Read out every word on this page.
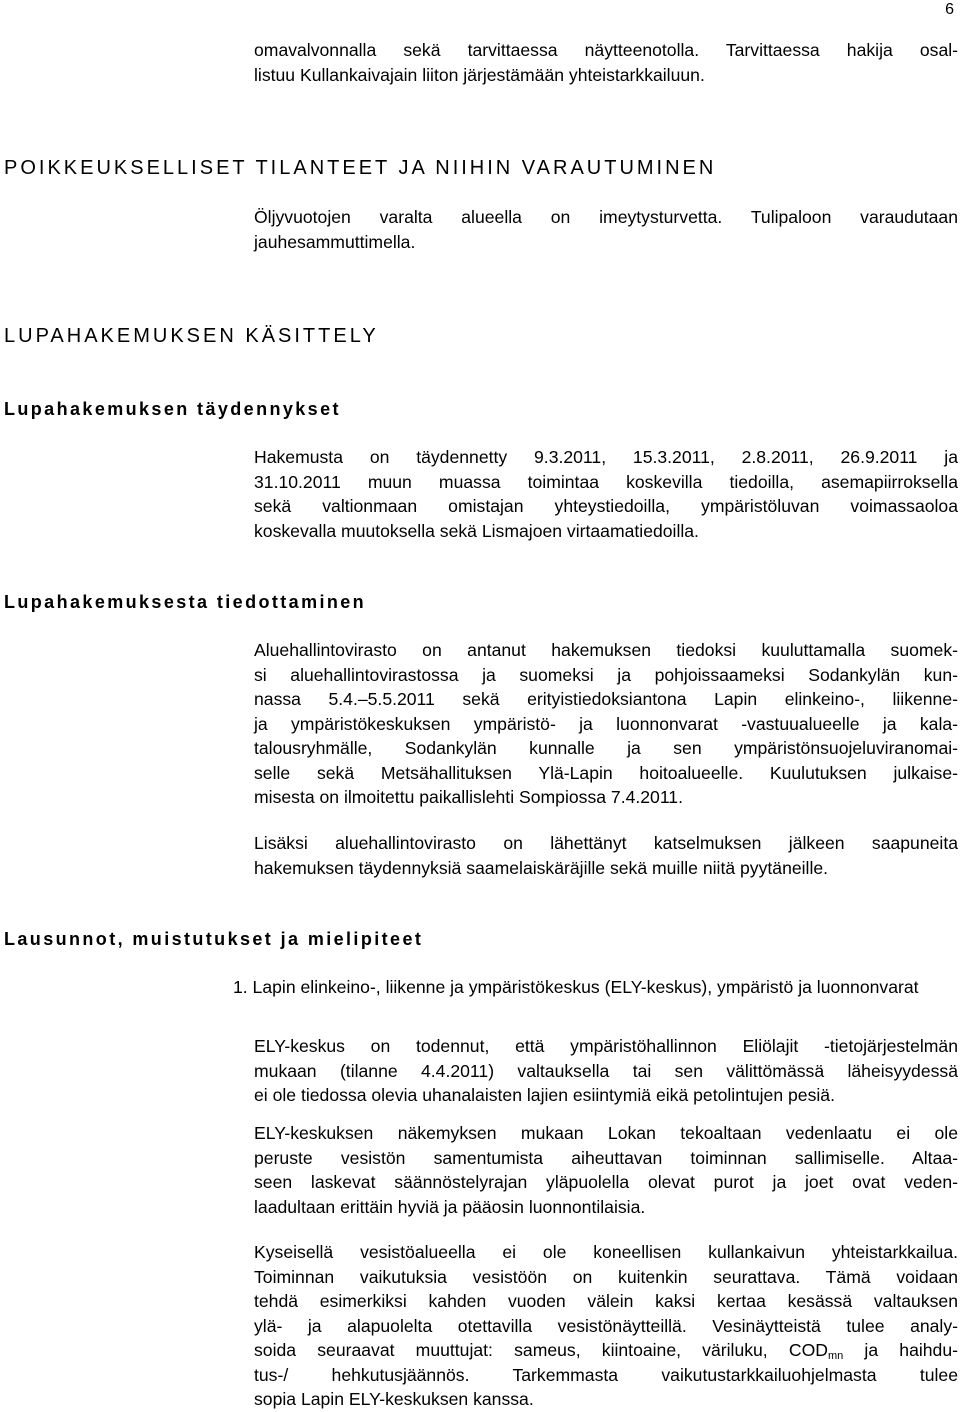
6
omavalvonnalla sekä tarvittaessa näytteenotolla. Tarvittaessa hakija osal-
listuu Kullankaivajain liiton järjestämään yhteistarkkailuun.
POIKKEUKSELLISET TILANTEET JA NIIHIN VARAUTUMINEN
Öljyvuotojen varalta alueella on imeytysturvetta. Tulipaloon varaudutaan
jauhesammuttimella.
LUPAHAKEMUKSEN KÄSITTELY
Lupahakemuksen täydennykset
Hakemusta on täydennetty 9.3.2011, 15.3.2011, 2.8.2011, 26.9.2011 ja
31.10.2011 muun muassa toimintaa koskevilla tiedoilla, asemapiirroksella
sekä valtionmaan omistajan yhteystiedoilla, ympäristöluvan voimassaoloa
koskevalla muutoksella sekä Lismajoen virtaamatiedoilla.
Lupahakemuksesta tiedottaminen
Aluehallintovirasto on antanut hakemuksen tiedoksi kuuluttamalla suomek-
si aluehallintovirastossa ja suomeksi ja pohjoissaameksi Sodankylän kun-
nassa 5.4.–5.5.2011 sekä erityistiedoksiantona Lapin elinkeino-, liikenne-
ja ympäristökeskuksen ympäristö- ja luonnonvarat -vastuualueelle ja kala-
talousryhmälle, Sodankylän kunnalle ja sen ympäristönsuojeluviranomai-
selle sekä Metsähallituksen Ylä-Lapin hoitoalueelle. Kuulutuksen julkaise-
misesta on ilmoitettu paikallislehti Sompiossa 7.4.2011.
Lisäksi aluehallintovirasto on lähettänyt katselmuksen jälkeen saapuneita
hakemuksen täydennyksiä saamelaiskäräjille sekä muille niitä pyytäneille.
Lausunnot, muistutukset ja mielipiteet
1. Lapin elinkeino-, liikenne ja ympäristökeskus (ELY-keskus), ympäristö ja luonnonvarat
ELY-keskus on todennut, että ympäristöhallinnon Eliölajit -tietojärjestelmän
mukaan (tilanne 4.4.2011) valtauksella tai sen välittömässä läheisyydessä
ei ole tiedossa olevia uhanalaisten lajien esiintymiä eikä petolintujen pesiä.
ELY-keskuksen näkemyksen mukaan Lokan tekoaltaan vedenlaatu ei ole
peruste vesistön samentumista aiheuttavan toiminnan sallimiselle. Altaa-
seen laskevat säännöstelyrajan yläpuolella olevat purot ja joet ovat veden-
laadultaan erittäin hyviä ja pääosin luonnontilaisia.
Kyseisellä vesistöalueella ei ole koneellisen kullankaivun yhteistarkkailua.
Toiminnan vaikutuksia vesistöön on kuitenkin seurattava. Tämä voidaan
tehdä esimerkiksi kahden vuoden välein kaksi kertaa kesässä valtauksen
ylä- ja alapuolelta otettavilla vesistönäytteillä. Vesinäytteistä tulee analy-
soida seuraavat muuttujat: sameus, kiintoaine, väriluku, $COD_{mn}$ ja haihdu-
tus-/ hehkutusjäännös. Tarkemmasta vaikutustarkkailuohjelmasta tulee
sopia Lapin ELY-keskuksen kanssa.
